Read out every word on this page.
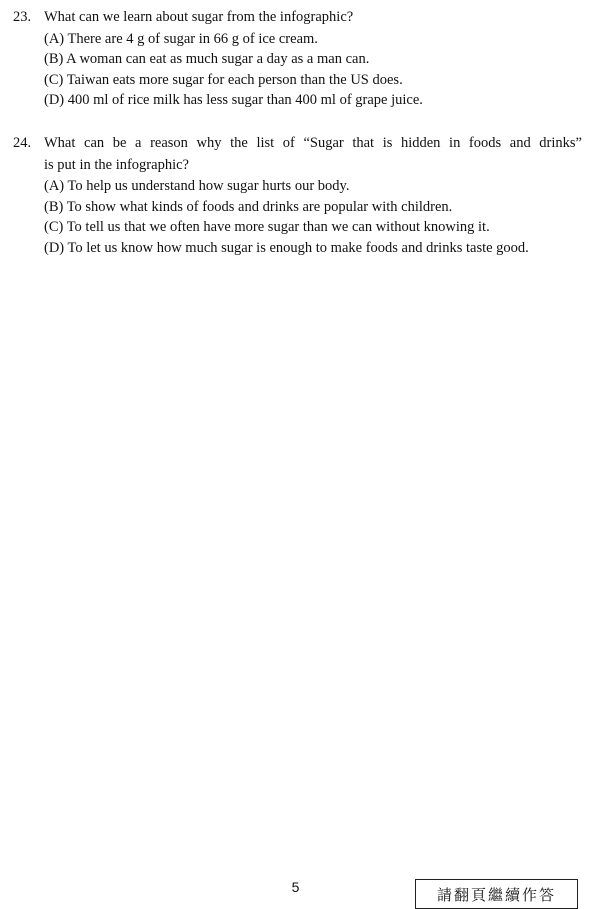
23. What can we learn about sugar from the infographic?
(A) There are 4 g of sugar in 66 g of ice cream.
(B) A woman can eat as much sugar a day as a man can.
(C) Taiwan eats more sugar for each person than the US does.
(D) 400 ml of rice milk has less sugar than 400 ml of grape juice.
24. What can be a reason why the list of “Sugar that is hidden in foods and drinks”
is put in the infographic?
(A) To help us understand how sugar hurts our body.
(B) To show what kinds of foods and drinks are popular with children.
(C) To tell us that we often have more sugar than we can without knowing it.
(D) To let us know how much sugar is enough to make foods and drinks taste good.
5	請翻頁繼續作答
